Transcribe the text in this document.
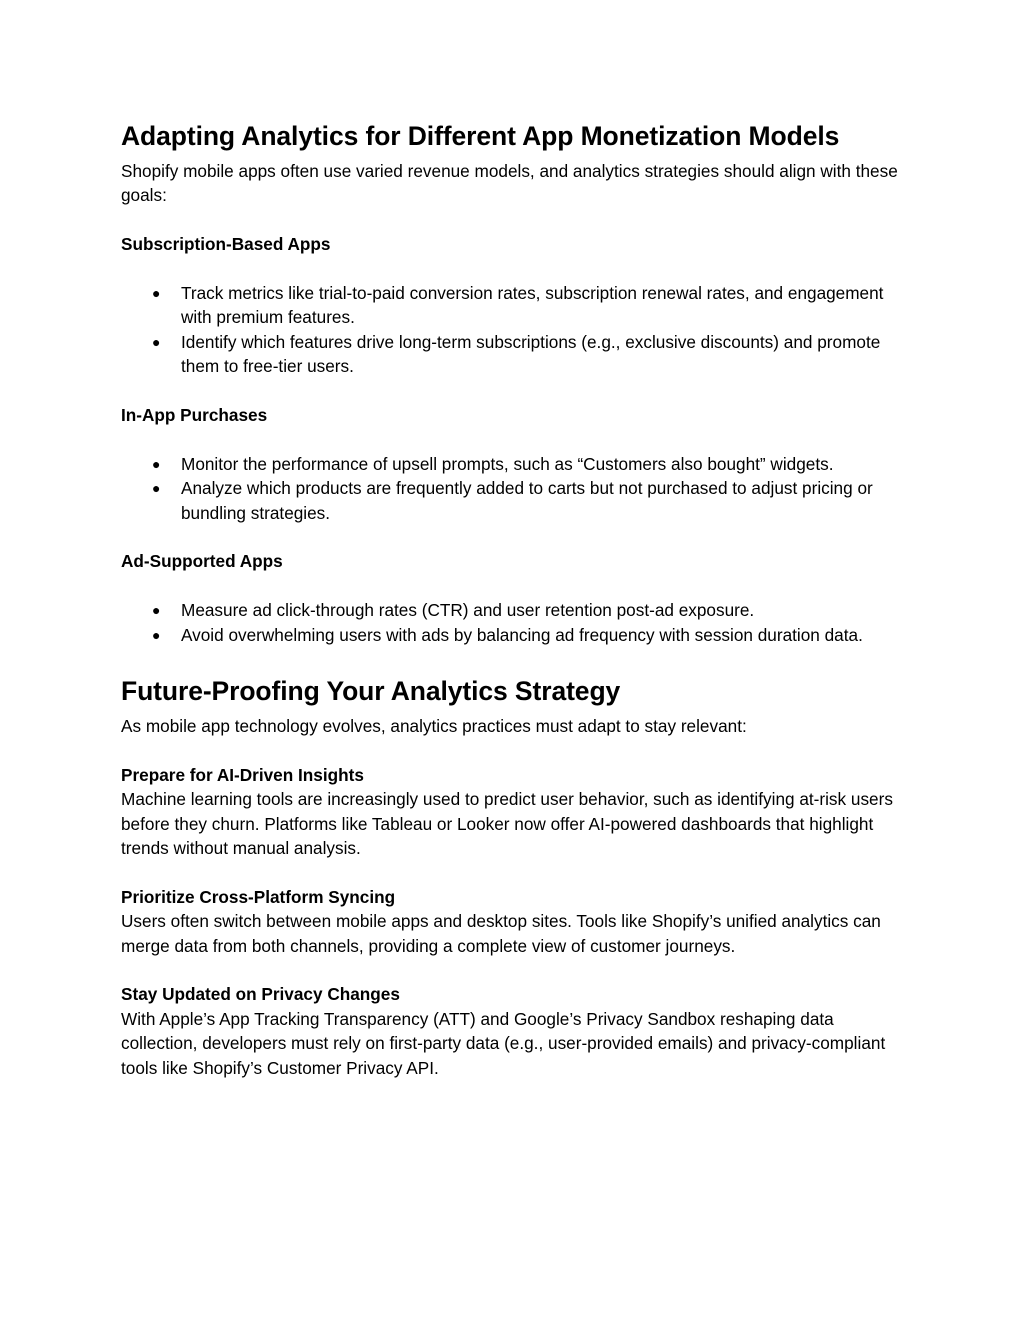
Adapting Analytics for Different App Monetization Models

Shopify mobile apps often use varied revenue models, and analytics strategies should align with these goals:

Subscription-Based Apps
● Track metrics like trial-to-paid conversion rates, subscription renewal rates, and engagement with premium features.
● Identify which features drive long-term subscriptions (e.g., exclusive discounts) and promote them to free-tier users.
In-App Purchases
● Monitor the performance of upsell prompts, such as “Customers also bought” widgets.
● Analyze which products are frequently added to carts but not purchased to adjust pricing or bundling strategies.
Ad-Supported Apps
● Measure ad click-through rates (CTR) and user retention post-ad exposure.
● Avoid overwhelming users with ads by balancing ad frequency with session duration data.
Future-Proofing Your Analytics Strategy

As mobile app technology evolves, analytics practices must adapt to stay relevant:

Prepare for AI-Driven Insights

Machine learning tools are increasingly used to predict user behavior, such as identifying at-risk users before they churn. Platforms like Tableau or Looker now offer AI-powered dashboards that highlight trends without manual analysis.

Prioritize Cross-Platform Syncing

Users often switch between mobile apps and desktop sites. Tools like Shopify’s unified analytics can merge data from both channels, providing a complete view of customer journeys.

Stay Updated on Privacy Changes

With Apple’s App Tracking Transparency (ATT) and Google’s Privacy Sandbox reshaping data collection, developers must rely on first-party data (e.g., user-provided emails) and privacy-compliant tools like Shopify’s Customer Privacy API.
